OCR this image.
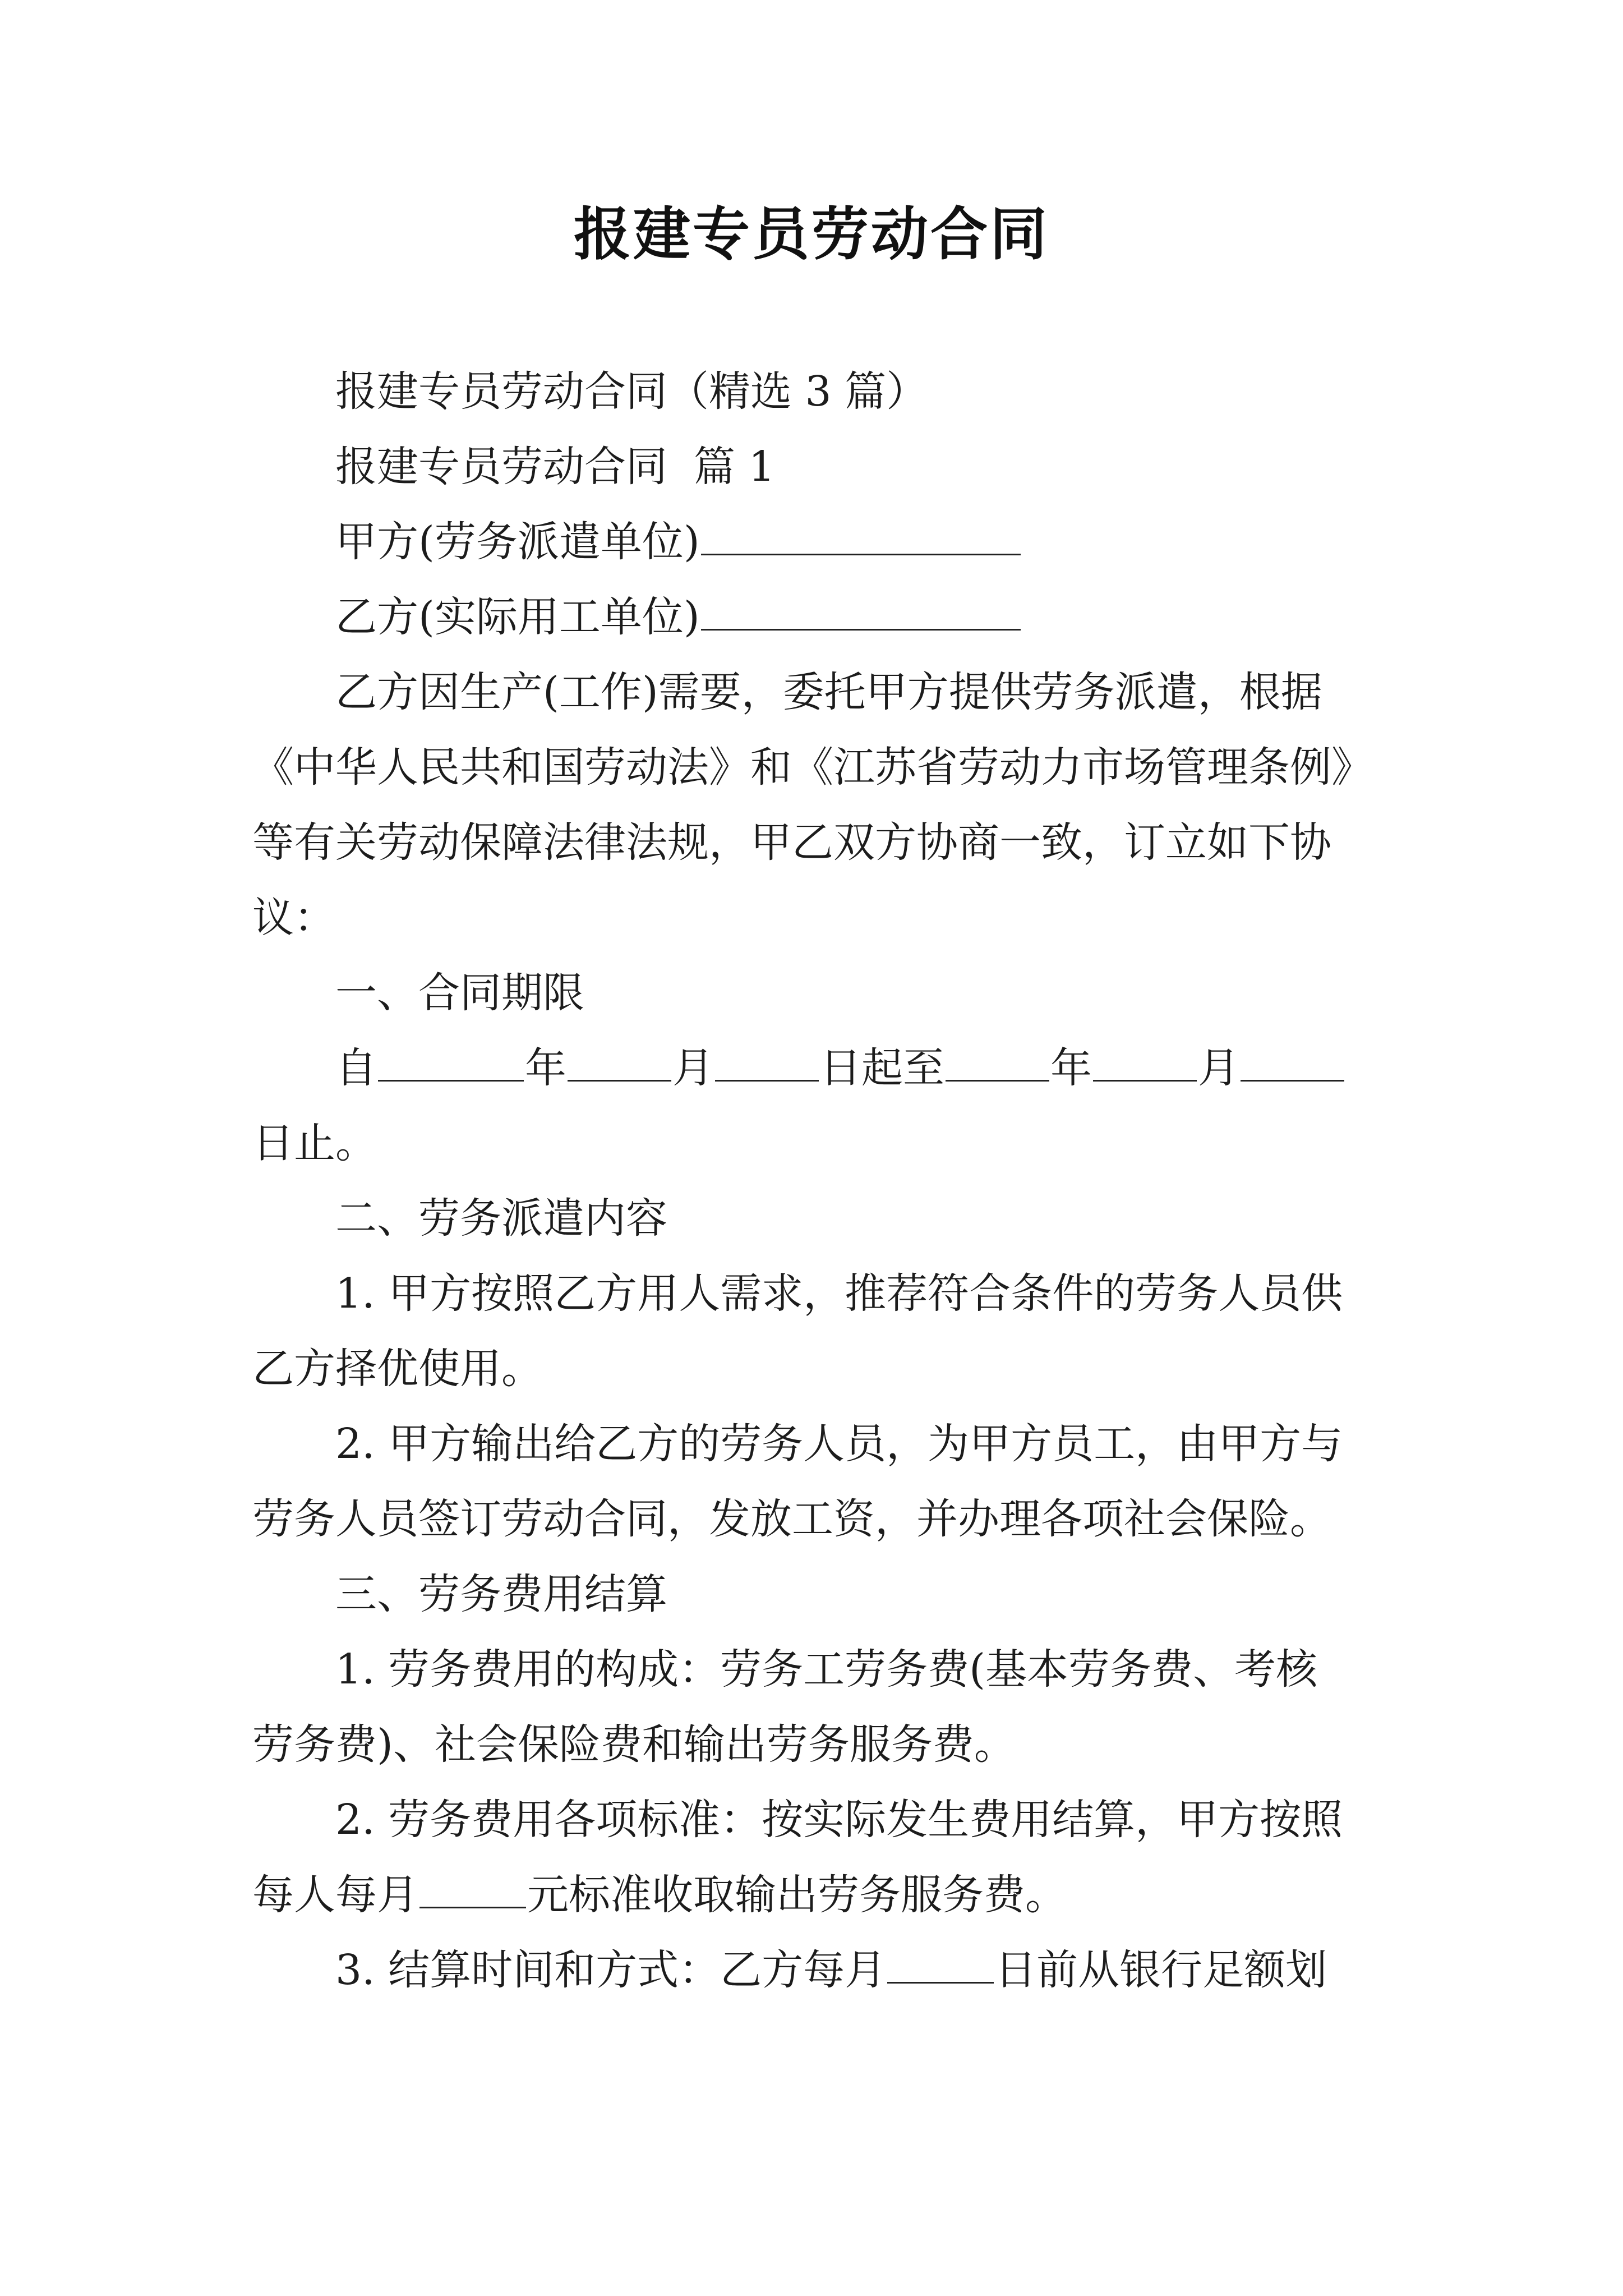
报建专员劳动合同
报建专员劳动合同（精选 3 篇）
报建专员劳动合同  篇 1
甲方(劳务派遣单位)
乙方(实际用工单位)
乙方因生产(工作)需要，委托甲方提供劳务派遣，根据
《中华人民共和国劳动法》和《江苏省劳动力市场管理条例》
等有关劳动保障法律法规，甲乙双方协商一致，订立如下协
议：
一、合同期限
自	年	月	日起至	年	月
日止。
二、劳务派遣内容
1. 甲方按照乙方用人需求，推荐符合条件的劳务人员供
乙方择优使用。
2. 甲方输出给乙方的劳务人员，为甲方员工，由甲方与
劳务人员签订劳动合同，发放工资，并办理各项社会保险。
三、劳务费用结算
1. 劳务费用的构成：劳务工劳务费(基本劳务费、考核
劳务费)、社会保险费和输出劳务服务费。
2. 劳务费用各项标准：按实际发生费用结算，甲方按照
每人每月	元标准收取输出劳务服务费。
3. 结算时间和方式：乙方每月	日前从银行足额划
